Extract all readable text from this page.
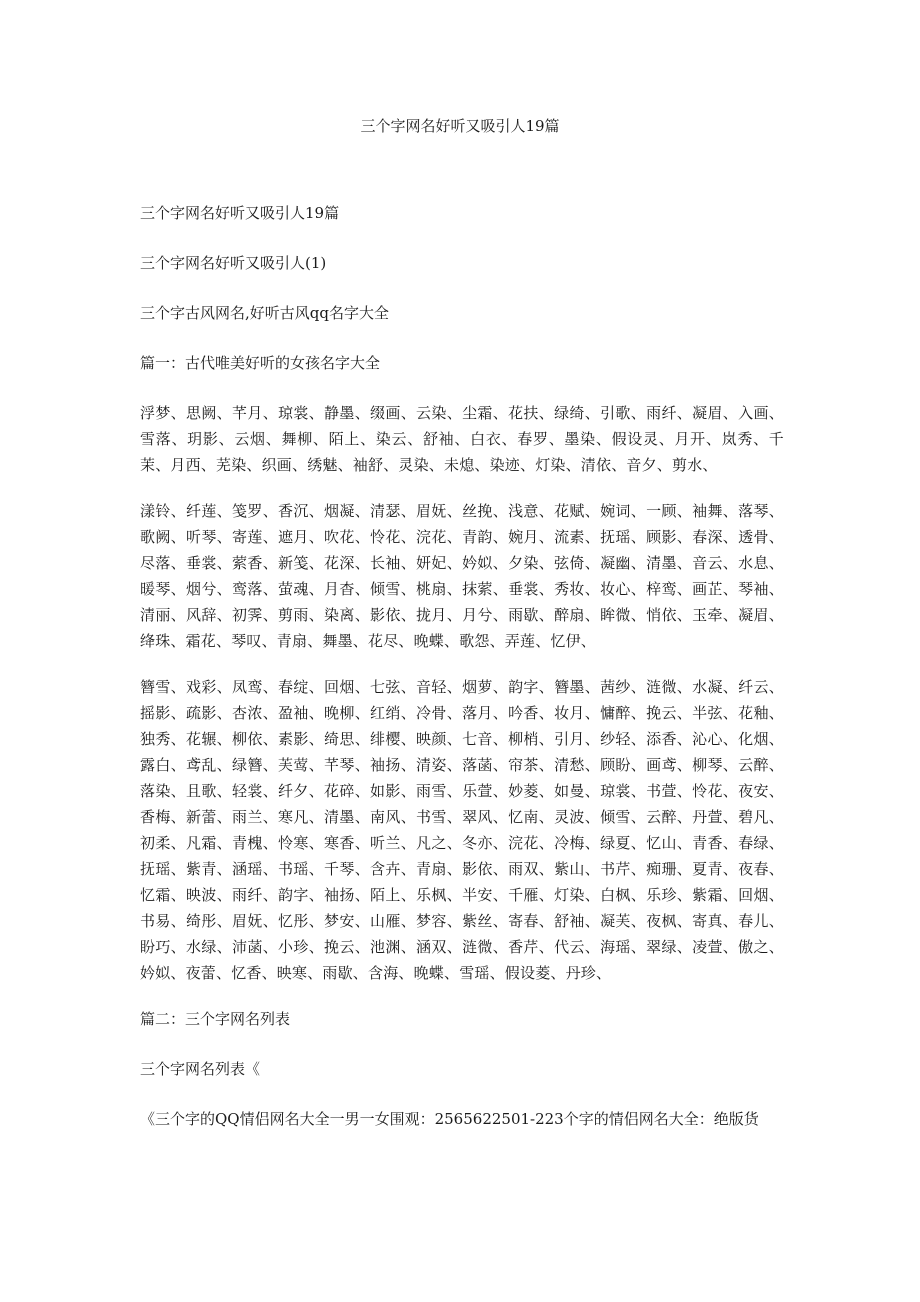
三个字网名好听又吸引人19篇

三个字网名好听又吸引人19篇

三个字网名好听又吸引人(1)

三个字古风网名,好听古风qq名字大全

篇一：古代唯美好听的女孩名字大全

浮梦、思阙、芊月、琼裳、静墨、缀画、云染、尘霜、花扶、绿绮、引歌、雨纤、凝眉、入画、雪落、玥影、云烟、舞柳、陌上、染云、舒袖、白衣、春罗、墨染、假设灵、月开、岚秀、千茉、月西、芜染、织画、绣魅、袖舒、灵染、未熄、染迹、灯染、清依、音夕、剪水、

漾铃、纤莲、笺罗、香沉、烟凝、清瑟、眉妩、丝挽、浅意、花赋、婉词、一顾、袖舞、落琴、歌阙、听琴、寄莲、遮月、吹花、怜花、浣花、青韵、婉月、流素、抚瑶、顾影、春深、透骨、尽落、垂裳、萦香、新笺、花深、长袖、妍妃、妗姒、夕染、弦倚、凝幽、清墨、音云、水息、暖琴、烟兮、鸾落、萤魂、月杳、倾雪、桃扇、抹萦、垂裳、秀妆、妆心、梓鸾、画芷、琴袖、清丽、风辞、初霁、剪雨、染离、影依、拢月、月兮、雨歇、醉扇、眸微、悄依、玉牵、凝眉、绛珠、霜花、琴叹、青扇、舞墨、花尽、晚蝶、歌怨、弄莲、忆伊、

簪雪、戏彩、凤鸾、春绽、回烟、七弦、音轻、烟萝、韵字、簪墨、茜纱、涟微、水凝、纤云、摇影、疏影、杏浓、盈袖、晚柳、红绡、冷骨、落月、吟香、妆月、慵醉、挽云、半弦、花釉、独秀、花辗、柳依、素影、绮思、绯樱、映颜、七音、柳梢、引月、纱轻、添香、沁心、化烟、露白、鸢乱、绿簪、芙莺、芊琴、袖扬、清姿、落菡、帘茶、清愁、顾盼、画鸢、柳琴、云醉、落染、且歌、轻裳、纤夕、花碎、如影、雨雪、乐萱、妙菱、如曼、琼裳、书萱、怜花、夜安、香梅、新蕾、雨兰、寒凡、清墨、南风、书雪、翠风、忆南、灵波、倾雪、云醉、丹萱、碧凡、初柔、凡霜、青槐、怜寒、寒香、听兰、凡之、冬亦、浣花、冷梅、绿夏、忆山、青香、春绿、抚瑶、紫青、涵瑶、书瑶、千琴、含卉、青扇、影依、雨双、紫山、书芹、痴珊、夏青、夜春、忆霜、映波、雨纤、韵字、袖扬、陌上、乐枫、半安、千雁、灯染、白枫、乐珍、紫霜、回烟、书易、绮彤、眉妩、忆彤、梦安、山雁、梦容、紫丝、寄春、舒袖、凝芙、夜枫、寄真、春儿、盼巧、水绿、沛菡、小珍、挽云、池渊、涵双、涟微、香芹、代云、海瑶、翠绿、凌萱、傲之、妗姒、夜蕾、忆香、映寒、雨歇、含海、晚蝶、雪瑶、假设菱、丹珍、

篇二：三个字网名列表

三个字网名列表《

《三个字的QQ情侣网名大全一男一女围观：2565622501-223个字的情侣网名大全：绝版货
